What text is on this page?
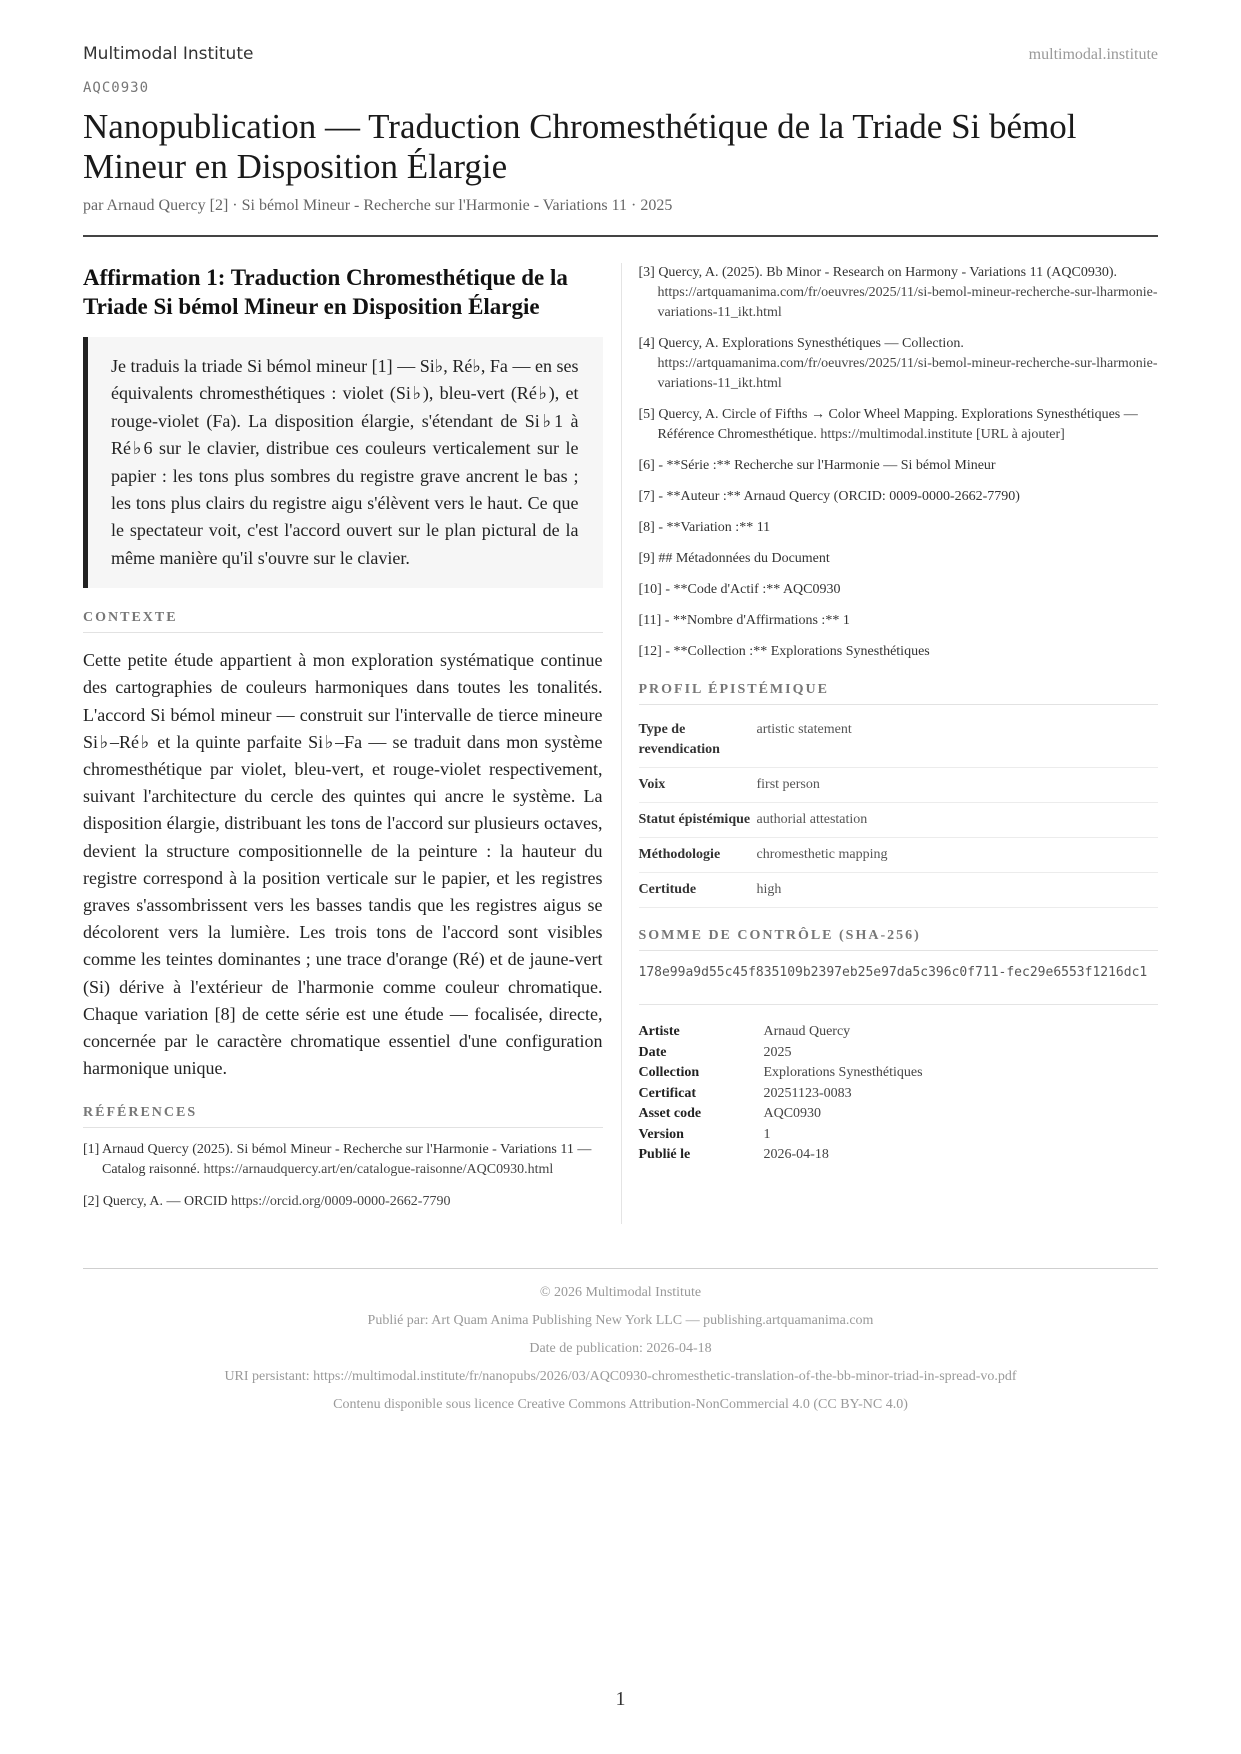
Multimodal Institute	multimodal.institute
AQC0930
Nanopublication — Traduction Chromesthétique de la Triade Si bémol Mineur en Disposition Élargie
par Arnaud Quercy [2] · Si bémol Mineur - Recherche sur l'Harmonie - Variations 11 · 2025
Affirmation 1: Traduction Chromesthétique de la Triade Si bémol Mineur en Disposition Élargie
Je traduis la triade Si bémol mineur [1] — Si♭, Ré♭, Fa — en ses équivalents chromesthétiques : violet (Si♭), bleu-vert (Ré♭), et rouge-violet (Fa). La disposition élargie, s'étendant de Si♭1 à Ré♭6 sur le clavier, distribue ces couleurs verticalement sur le papier : les tons plus sombres du registre grave ancrent le bas ; les tons plus clairs du registre aigu s'élèvent vers le haut. Ce que le spectateur voit, c'est l'accord ouvert sur le plan pictural de la même manière qu'il s'ouvre sur le clavier.
CONTEXTE

Cette petite étude appartient à mon exploration systématique continue des cartographies de couleurs harmoniques dans toutes les tonalités. L'accord Si bémol mineur — construit sur l'intervalle de tierce mineure Si♭–Ré♭ et la quinte parfaite Si♭–Fa — se traduit dans mon système chromesthétique par violet, bleu-vert, et rouge-violet respectivement, suivant l'architecture du cercle des quintes qui ancre le système. La disposition élargie, distribuant les tons de l'accord sur plusieurs octaves, devient la structure compositionnelle de la peinture : la hauteur du registre correspond à la position verticale sur le papier, et les registres graves s'assombrissent vers les basses tandis que les registres aigus se décolorent vers la lumière. Les trois tons de l'accord sont visibles comme les teintes dominantes ; une trace d'orange (Ré) et de jaune-vert (Si) dérive à l'extérieur de l'harmonie comme couleur chromatique. Chaque variation [8] de cette série est une étude — focalisée, directe, concernée par le caractère chromatique essentiel d'une configuration harmonique unique.

RÉFÉRENCES
[1] Arnaud Quercy (2025). Si bémol Mineur - Recherche sur l'Harmonie - Variations 11 — Catalog raisonné. https://arnaudquercy.art/en/catalogue-raisonne/AQC0930.html
[2] Quercy, A. — ORCID https://orcid.org/0009-0000-2662-7790
[3] Quercy, A. (2025). Bb Minor - Research on Harmony - Variations 11 (AQC0930). https://artquamanima.com/fr/oeuvres/2025/11/si-bemol-mineur-recherche-sur-lharmonie-variations-11_ikt.html
[4] Quercy, A. Explorations Synesthétiques — Collection. https://artquamanima.com/fr/oeuvres/2025/11/si-bemol-mineur-recherche-sur-lharmonie-variations-11_ikt.html
[5] Quercy, A. Circle of Fifths → Color Wheel Mapping. Explorations Synesthétiques — Référence Chromesthétique. https://multimodal.institute [URL à ajouter]
[6] - **Série :** Recherche sur l'Harmonie — Si bémol Mineur
[7] - **Auteur :** Arnaud Quercy (ORCID: 0009-0000-2662-7790)
[8] - **Variation :** 11
[9] ## Métadonnées du Document
[10] - **Code d'Actif :** AQC0930
[11] - **Nombre d'Affirmations :** 1
[12] - **Collection :** Explorations Synesthétiques
PROFIL ÉPISTÉMIQUE
Type de revendication	artistic statement
Voix	first person
Statut épistémique	authorial attestation
Méthodologie	chromesthetic mapping
Certitude	high
SOMME DE CONTRÔLE (SHA-256)
178e99a9d55c45f835109b2397eb25e97da5c396c0f711-fec29e6553f1216dc1
Artiste	Arnaud Quercy
Date	2025
Collection	Explorations Synesthétiques
Certificat	20251123-0083
Asset code	AQC0930
Version	1
Publié le	2026-04-18
© 2026 Multimodal Institute
Publié par: Art Quam Anima Publishing New York LLC — publishing.artquamanima.com
Date de publication: 2026-04-18
URI persistant: https://multimodal.institute/fr/nanopubs/2026/03/AQC0930-chromesthetic-translation-of-the-bb-minor-triad-in-spread-vo.pdf
Contenu disponible sous licence Creative Commons Attribution-NonCommercial 4.0 (CC BY-NC 4.0)
1
